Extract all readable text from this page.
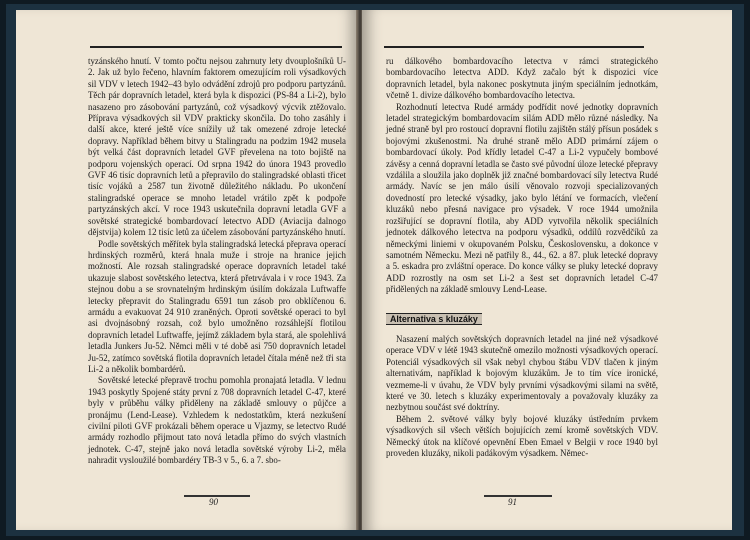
tyzánského hnutí. V tomto počtu nejsou zahrnuty lety dvouplošníků U-2. Jak už bylo řečeno, hlavním faktorem omezujícím roli výsadkových sil VDV v letech 1942–43 bylo odvádění zdrojů pro podporu partyzánů. Těch pár dopravních letadel, která byla k dispozici (PS-84 a Li-2), bylo nasazeno pro zásobování partyzánů, což výsadkový výcvik ztěžovalo. Příprava výsadkových sil VDV prakticky skončila. Do toho zasáhly i další akce, které ještě více snížily už tak omezené zdroje letecké dopravy. Například během bitvy u Stalingradu na podzim 1942 musela být velká část dopravních letadel GVF převelena na toto bojiště na podporu vojenských operací. Od srpna 1942 do února 1943 provedlo GVF 46 tisíc dopravních letů a přepravilo do stalingradské oblasti třicet tisíc vojáků a 2587 tun životně důležitého nákladu. Po ukončení stalingradské operace se mnoho letadel vrátilo zpět k podpoře partyzánských akcí. V roce 1943 uskutečnila dopravní letadla GVF a sovětské strategické bombardovací letectvo ADD (Aviacija dalnogo dějstvija) kolem 12 tisíc letů za účelem zásobování partyzánského hnutí.

Podle sovětských měřítek byla stalingradská letecká přeprava operací hrdinských rozměrů, která hnala muže i stroje na hranice jejich možností. Ale rozsah stalingradské operace dopravních letadel také ukazuje slabost sovětského letectva, která přetrvávala i v roce 1943. Za stejnou dobu a se srovnatelným hrdinským úsilím dokázala Luftwaffe letecky přepravit do Stalingradu 6591 tun zásob pro obklíčenou 6. armádu a evakuovat 24 910 zraněných. Oproti sovětské operaci to byl asi dvojnásobný rozsah, což bylo umožněno rozsáhlejší flotilou dopravních letadel Luftwaffe, jejímž základem byla stará, ale spolehlivá letadla Junkers Ju-52. Němci měli v té době asi 750 dopravních letadel Ju-52, zatímco sovětská flotila dopravních letadel čítala méně než tři sta Li-2 a několik bombardérů.

Sovětské letecké přepravě trochu pomohla pronajatá letadla. V lednu 1943 poskytly Spojené státy první z 708 dopravních letadel C-47, které byly v průběhu války přiděleny na základě smlouvy o půjčce a pronájmu (Lend-Lease). Vzhledem k nedostatkům, která nezkušení civilní piloti GVF prokázali během operace u Vjazmy, se letectvo Rudé armády rozhodlo přijmout tato nová letadla přímo do svých vlastních jednotek. C-47, stejně jako nová letadla sovětské výroby Li-2, měla nahradit vysloužilé bombardéry TB-3 v 5., 6. a 7. sbo-

90

ru dálkového bombardovacího letectva v rámci strategického bombardovacího letectva ADD. Když začalo být k dispozici více dopravních letadel, byla nakonec poskytnuta jiným speciálním jednotkám, včetně 1. divize dálkového bombardovacího letectva.

Rozhodnutí letectva Rudé armády podřídit nové jednotky dopravních letadel strategickým bombardovacím silám ADD mělo různé následky. Na jedné straně byl pro rostoucí dopravní flotilu zajištěn stálý přísun posádek s bojovými zkušenostmi. Na druhé straně mělo ADD primární zájem o bombardovací úkoly. Pod křídly letadel C-47 a Li-2 vypučely bombové závěsy a cenná dopravní letadla se často své původní úloze letecké přepravy vzdálila a sloužila jako doplněk již značné bombardovací síly letectva Rudé armády. Navíc se jen málo úsilí věnovalo rozvoji specializovaných dovedností pro letecké výsadky, jako bylo létání ve formacích, vlečení kluzáků nebo přesná navigace pro výsadek. V roce 1944 umožnila rozšiřující se dopravní flotila, aby ADD vytvořila několik speciálních jednotek dálkového letectva na podporu výsadků, oddílů rozvědčíků za německými liniemi v okupovaném Polsku, Československu, a dokonce v samotném Německu. Mezi ně patřily 8., 44., 62. a 87. pluk letecké dopravy a 5. eskadra pro zvláštní operace. Do konce války se pluky letecké dopravy ADD rozrostly na osm set Li-2 a šest set dopravních letadel C-47 přidělených na základě smlouvy Lend-Lease.

Alternativa s kluzáky

Nasazení malých sovětských dopravních letadel na jiné než výsadkové operace VDV v létě 1943 skutečně omezilo možnosti výsadkových operací. Potenciál výsadkových sil však nebyl chybou štábu VDV tlačen k jiným alternativám, například k bojovým kluzákům. Je to tím více ironické, vezmeme-li v úvahu, že VDV byly prvními výsadkovými silami na světě, které ve 30. letech s kluzáky experimentovaly a považovaly kluzáky za nezbytnou součást své doktríny.

Během 2. světové války byly bojové kluzáky ústředním prvkem výsadkových sil všech větších bojujících zemí kromě sovětských VDV. Německý útok na klíčové opevnění Eben Emael v Belgii v roce 1940 byl proveden kluzáky, nikoli padákovým výsadkem. Němec-

91
